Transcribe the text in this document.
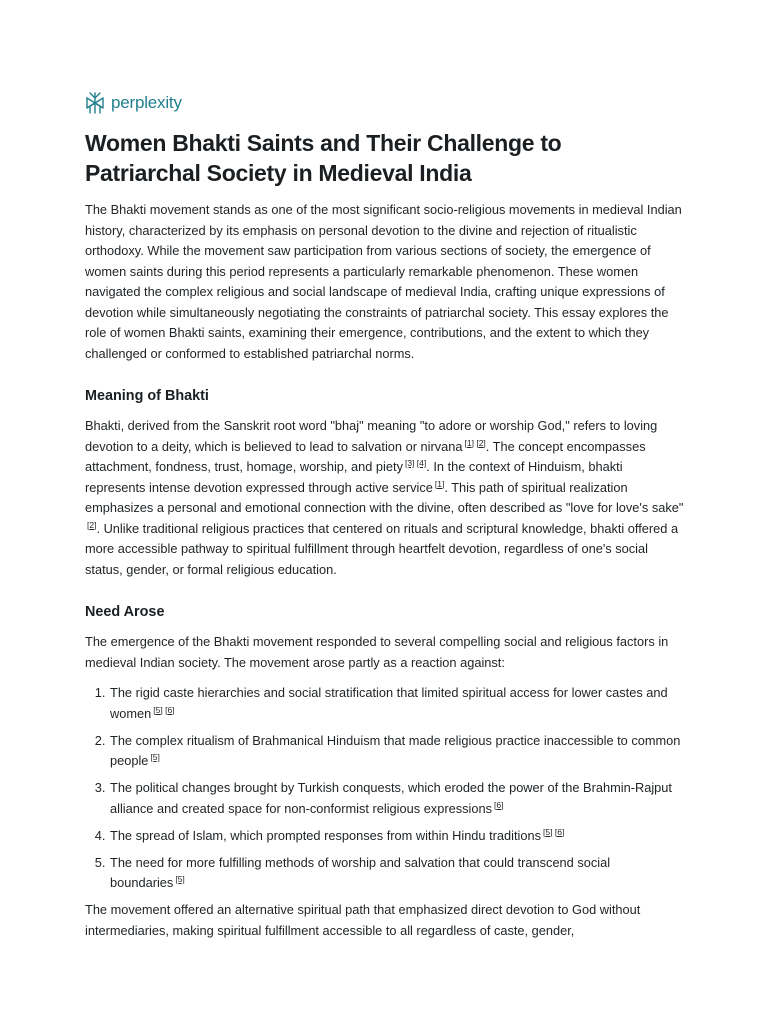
perplexity
Women Bhakti Saints and Their Challenge to
Patriarchal Society in Medieval India

The Bhakti movement stands as one of the most significant socio-religious movements in medieval Indian history, characterized by its emphasis on personal devotion to the divine and rejection of ritualistic orthodoxy. While the movement saw participation from various sections of society, the emergence of women saints during this period represents a particularly remarkable phenomenon. These women navigated the complex religious and social landscape of medieval India, crafting unique expressions of devotion while simultaneously negotiating the constraints of patriarchal society. This essay explores the role of women Bhakti saints, examining their emergence, contributions, and the extent to which they challenged or conformed to established patriarchal norms.

Meaning of Bhakti

Bhakti, derived from the Sanskrit root word "bhaj" meaning "to adore or worship God," refers to loving devotion to a deity, which is believed to lead to salvation or nirvana [1] [2]. The concept encompasses attachment, fondness, trust, homage, worship, and piety [3] [4]. In the context of Hinduism, bhakti represents intense devotion expressed through active service [1]. This path of spiritual realization emphasizes a personal and emotional connection with the divine, often described as "love for love's sake"[2]. Unlike traditional religious practices that centered on rituals and scriptural knowledge, bhakti offered a more accessible pathway to spiritual fulfillment through heartfelt devotion, regardless of one's social status, gender, or formal religious education.

Need Arose

The emergence of the Bhakti movement responded to several compelling social and religious factors in medieval Indian society. The movement arose partly as a reaction against:

1. The rigid caste hierarchies and social stratification that limited spiritual access for lower castes and women [5] [6]
2. The complex ritualism of Brahmanical Hinduism that made religious practice inaccessible to common people [5]
3. The political changes brought by Turkish conquests, which eroded the power of the Brahmin-Rajput alliance and created space for non-conformist religious expressions [6]
4. The spread of Islam, which prompted responses from within Hindu traditions [5] [6]
5. The need for more fulfilling methods of worship and salvation that could transcend social boundaries [5]

The movement offered an alternative spiritual path that emphasized direct devotion to God without intermediaries, making spiritual fulfillment accessible to all regardless of caste, gender,
